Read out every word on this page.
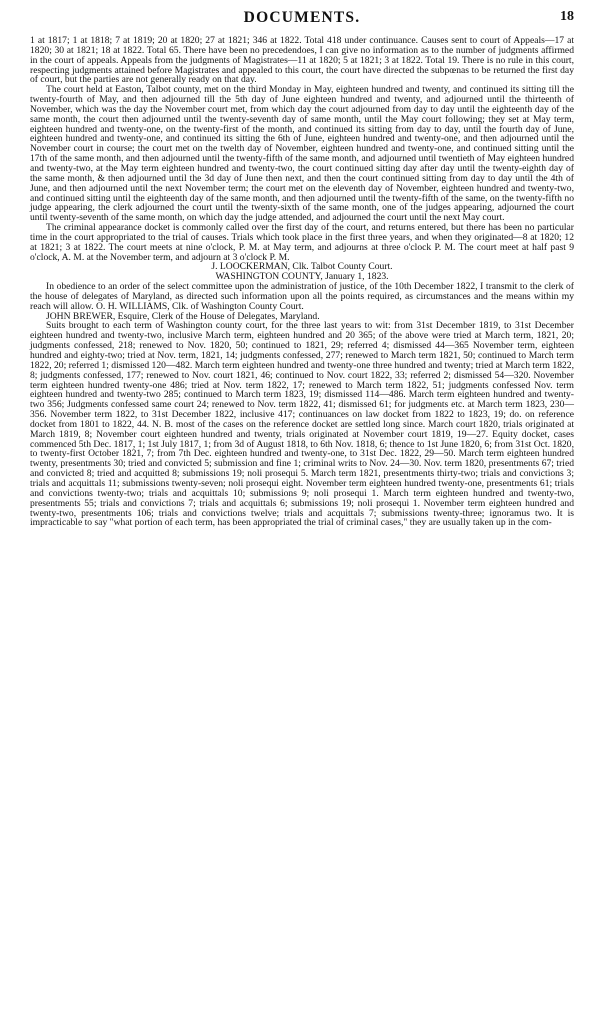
DOCUMENTS.	18

1 at 1817; 1 at 1818; 7 at 1819; 20 at 1820; 27 at 1821; 346 at 1822. Total 418 under continuance. Causes sent to court of Appeals—17 at 1820; 30 at 1821; 18 at 1822. Total 65. There have been no precedendoes, I can give no information as to the number of judgments affirmed in the court of appeals. Appeals from the judgments of Magistrates—11 at 1820; 5 at 1821; 3 at 1822. Total 19. There is no rule in this court, respecting judgments attained before Magistrates and appealed to this court, the court have directed the subpœnas to be returned the first day of court, but the parties are not generally ready on that day.

The court held at Easton, Talbot county, met on the third Monday in May, eighteen hundred and twenty, and continued its sitting till the twenty-fourth of May, and then adjourned till the 5th day of June eighteen hundred and twenty, and adjourned until the thirteenth of November, which was the day the November court met, from which day the court adjourned from day to day until the eighteenth day of the same month, the court then adjourned until the twenty-seventh day of same month, until the May court following; they set at May term, eighteen hundred and twenty-one, on the twenty-first of the month, and continued its sitting from day to day, until the fourth day of June, eighteen hundred and twenty-one, and continued its sitting the 6th of June, eighteen hundred and twenty-one, and then adjourned until the November court in course; the court met on the twelth day of November, eighteen hundred and twenty-one, and continued sitting until the 17th of the same month, and then adjourned until the twenty-fifth of the same month, and adjourned until twentieth of May eighteen hundred and twenty-two, at the May term eighteen hundred and twenty-two, the court continued sitting day after day until the twenty-eighth day of the same month, & then adjourned until the 3d day of June then next, and then the court continued sitting from day to day until the 4th of June, and then adjourned until the next November term; the court met on the eleventh day of November, eighteen hundred and twenty-two, and continued sitting until the eighteenth day of the same month, and then adjourned until the twenty-fifth of the same, on the twenty-fifth no judge appearing, the clerk adjourned the court until the twenty-sixth of the same month, one of the judges appearing, adjourned the court until twenty-seventh of the same month, on which day the judge attended, and adjourned the court until the next May court.

The criminal appearance docket is commonly called over the first day of the court, and returns entered, but there has been no particular time in the court appropriated to the trial of causes. Trials which took place in the first three years, and when they originated—8 at 1820; 12 at 1821; 3 at 1822. The court meets at nine o'clock, P. M. at May term, and adjourns at three o'clock P. M. The court meet at half past 9 o'clock, A. M. at the November term, and adjourn at 3 o'clock P. M.

J. LOOCKERMAN, Clk. Talbot County Court.

WASHINGTON COUNTY, January 1, 1823.

In obedience to an order of the select committee upon the administration of justice, of the 10th December 1822, I transmit to the clerk of the house of delegates of Maryland, as directed such information upon all the points required, as circumstances and the means within my reach will allow. O. H. WILLIAMS, Clk. of Washington County Court.

JOHN BREWER, Esquire, Clerk of the House of Delegates, Maryland.

Suits brought to each term of Washington county court, for the three last years to wit: from 31st December 1819, to 31st December eighteen hundred and twenty-two, inclusive March term, eighteen hundred and 20 365; of the above were tried at March term, 1821, 20; judgments confessed, 218; renewed to Nov. 1820, 50; continued to 1821, 29; referred 4; dismissed 44—365 November term, eighteen hundred and eighty-two; tried at Nov. term, 1821, 14; judgments confessed, 277; renewed to March term 1821, 50; continued to March term 1822, 20; referred 1; dismissed 120—482. March term eighteen hundred and twenty-one three hundred and twenty; tried at March term 1822, 8; judgments confessed, 177; renewed to Nov. court 1821, 46; continued to Nov. court 1822, 33; referred 2; dismissed 54—320. November term eighteen hundred twenty-one 486; tried at Nov. term 1822, 17; renewed to March term 1822, 51; judgments confessed Nov. term eighteen hundred and twenty-two 285; continued to March term 1823, 19; dismissed 114—486. March term eighteen hundred and twenty-two 356; Judgments confessed same court 24; renewed to Nov. term 1822, 41; dismissed 61; for judgments etc. at March term 1823, 230—356. November term 1822, to 31st December 1822, inclusive 417; continuances on law docket from 1822 to 1823, 19; do. on reference docket from 1801 to 1822, 44. N. B. most of the cases on the reference docket are settled long since. March court 1820, trials originated at March 1819, 8; November court eighteen hundred and twenty, trials originated at November court 1819, 19—27. Equity docket, cases commenced 5th Dec. 1817, 1; 1st July 1817, 1; from 3d of August 1818, to 6th Nov. 1818, 6; thence to 1st June 1820, 6; from 31st Oct. 1820, to twenty-first October 1821, 7; from 7th Dec. eighteen hundred and twenty-one, to 31st Dec. 1822, 29—50. March term eighteen hundred twenty, presentments 30; tried and convicted 5; submission and fine 1; criminal writs to Nov. 24—30. Nov. term 1820, presentments 67; tried and convicted 8; tried and acquitted 8; submissions 19; noli prosequi 5. March term 1821, presentments thirty-two; trials and convictions 3; trials and acquittals 11; submissions twenty-seven; noli prosequi eight. November term eighteen hundred twenty-one, presentments 61; trials and convictions twenty-two; trials and acquittals 10; submissions 9; noli prosequi 1. March term eighteen hundred and twenty-two, presentments 55; trials and convictions 7; trials and acquittals 6; submissions 19; noli prosequi 1. November term eighteen hundred and twenty-two, presentments 106; trials and convictions twelve; trials and acquittals 7; submissions twenty-three; ignoramus two. It is impracticable to say "what portion of each term, has been appropriated the trial of criminal cases," they are usually taken up in the com-
